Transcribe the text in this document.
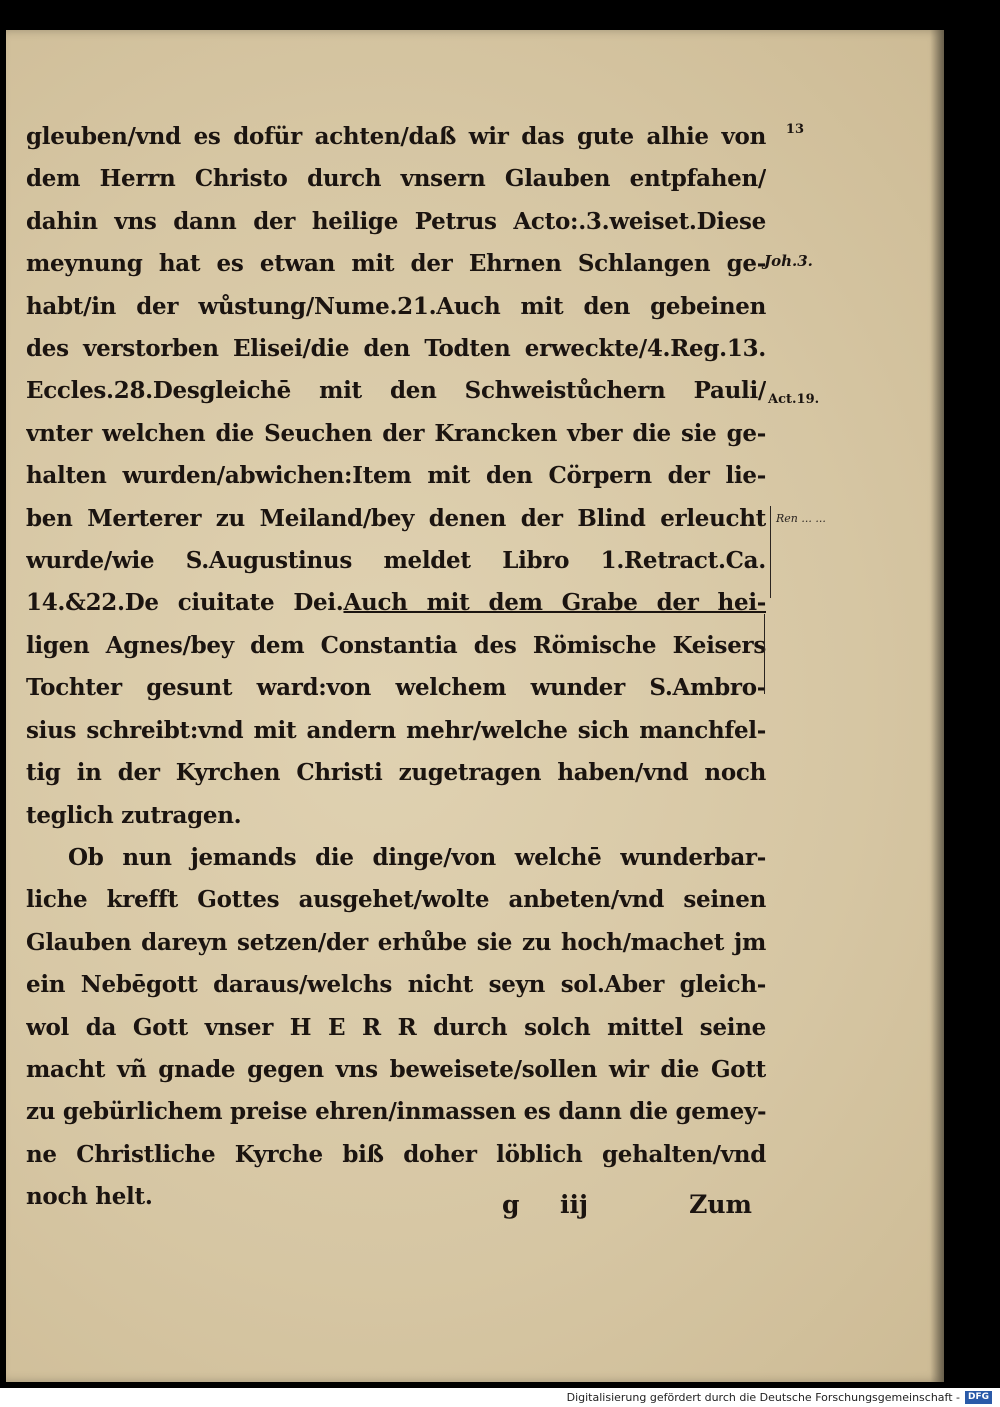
13
gleuben/vnd es dofür achten/daß wir das gute alhie von
dem Herrn Christo durch vnsern Glauben entpfahen/
dahin vns dann der heilige Petrus Acto:.3.weiset.Diese
meynung hat es etwan mit der Ehrnen Schlangen ge‐
habt/in der wůstung/Nume.21.Auch mit den gebeinen
des verstorben Elisei/die den Todten erweckte/4.Reg.13.
Eccles.28.Desgleichē mit den Schweistůchern Pauli/
vnter welchen die Seuchen der Krancken vber die sie ge‐
halten wurden/abwichen:Item mit den Cörpern der lie‐
ben Merterer zu Meiland/bey denen der Blind erleucht
wurde/wie S.Augustinus meldet Libro 1.Retract.Ca.
14.&22.De ciuitate Dei.Auch mit dem Grabe der hei‐
ligen Agnes/bey dem Constantia des Römische Keisers
Tochter gesunt ward:von welchem wunder S.Ambro‐
sius schreibt:vnd mit andern mehr/welche sich manchfel‐
tig in der Kyrchen Christi zugetragen haben/vnd noch
teglich zutragen.
Ob nun jemands die dinge/von welchē wunderbar‐
liche krefft Gottes ausgehet/wolte anbeten/vnd seinen
Glauben dareyn setzen/der erhůbe sie zu hoch/machet jm
ein Nebēgott daraus/welchs nicht seyn sol.Aber gleich‐
wol da Gott vnser H E R R durch solch mittel seine
macht vñ gnade gegen vns beweisete/sollen wir die Gott
zu gebürlichem preise ehren/inmassen es dann die gemey‐
ne Christliche Kyrche biß doher löblich gehalten/vnd
noch helt.
Joh.3.
Act.19.
Ren ... ...
g iij	Zum
Digitalisierung gefördert durch die Deutsche Forschungsgemeinschaft - DFG
